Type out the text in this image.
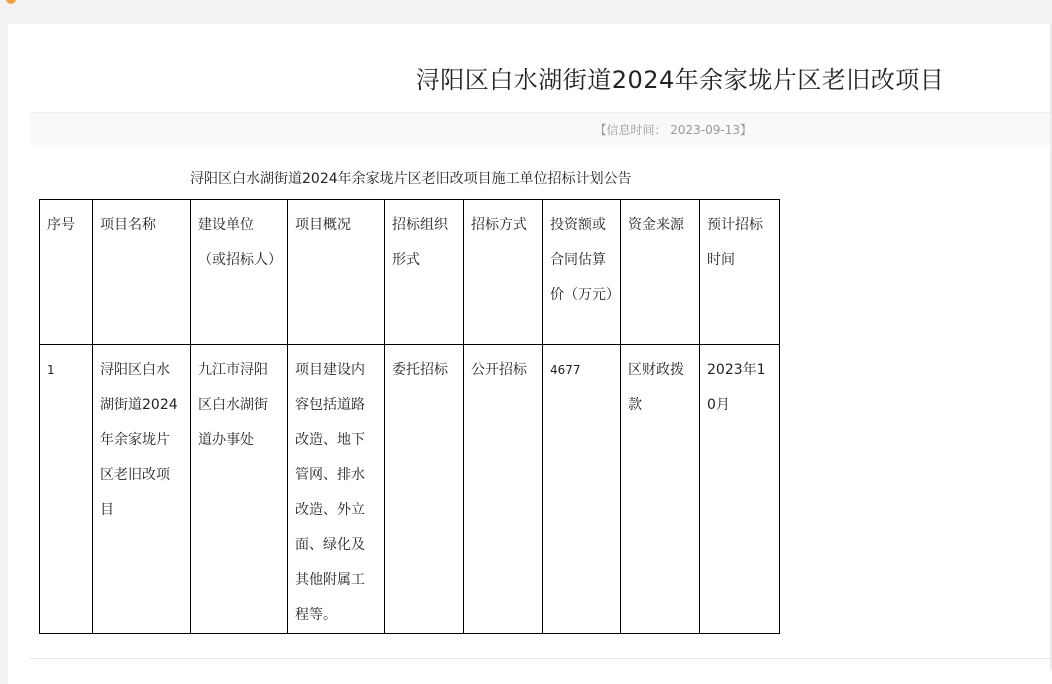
浔阳区白水湖街道2024年余家垅片区老旧改项目
【信息时间： 2023-09-13】
浔阳区白水湖街道2024年余家垅片区老旧改项目施工单位招标计划公告
序号	项目名称	建设单位（或招标人）	项目概况	招标组织形式	招标方式	投资额或合同估算价（万元）	资金来源	预计招标时间
1	浔阳区白水湖街道2024年余家垅片区老旧改项目	九江市浔阳区白水湖街道办事处	项目建设内容包括道路改造、地下管网、排水改造、外立面、绿化及其他附属工程等。	委托招标	公开招标	4677	区财政拨款	2023年10月
